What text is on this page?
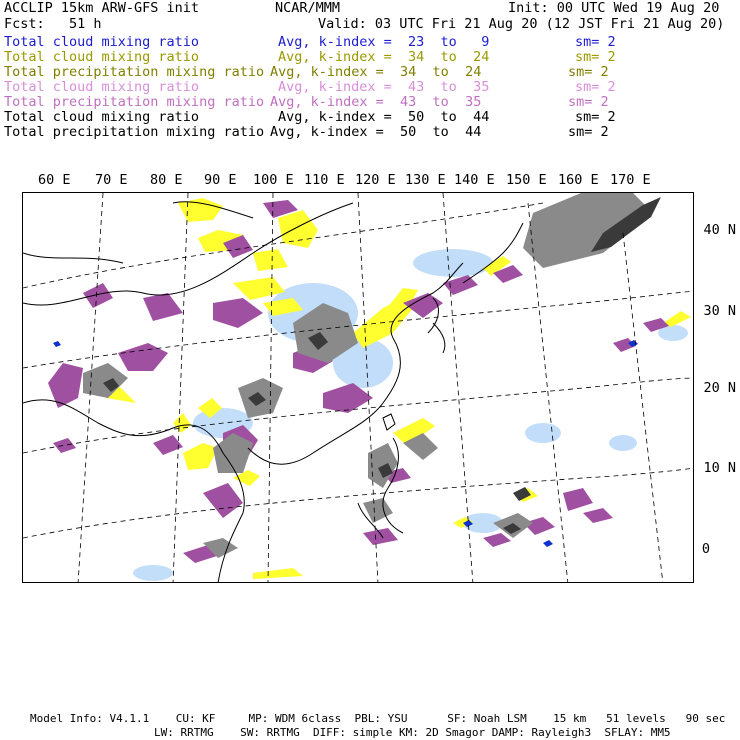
ACCLIP 15km ARW-GFS init	NCAR/MMM	Init: 00 UTC Wed 19 Aug 20
Fcst:   51 h	Valid: 03 UTC Fri 21 Aug 20 (12 JST Fri 21 Aug 20)
Total cloud mixing ratio	Avg, k-index =  23  to   9	sm= 2
Total cloud mixing ratio	Avg, k-index =  34  to  24	sm= 2
Total precipitation mixing ratio Avg, k-index =  34  to  24	sm= 2
Total cloud mixing ratio	Avg, k-index =  43  to  35	sm= 2
Total precipitation mixing ratio Avg, k-index =  43  to  35	sm= 2
Total cloud mixing ratio	Avg, k-index =  50  to  44	sm= 2
Total precipitation mixing ratio Avg, k-index =  50  to  44	sm= 2
60 E 70 E 80 E 90 E 100 E 110 E 120 E 130 E 140 E 150 E 160 E 170 E
40 N
30 N
20 N
10 N
0
Model Info: V4.1.1    CU: KF     MP: WDM 6class  PBL: YSU      SF: Noah LSM    15 km   51 levels   90 sec
LW: RRTMG    SW: RRTMG  DIFF: simple KM: 2D Smagor DAMP: Rayleigh3  SFLAY: MM5
